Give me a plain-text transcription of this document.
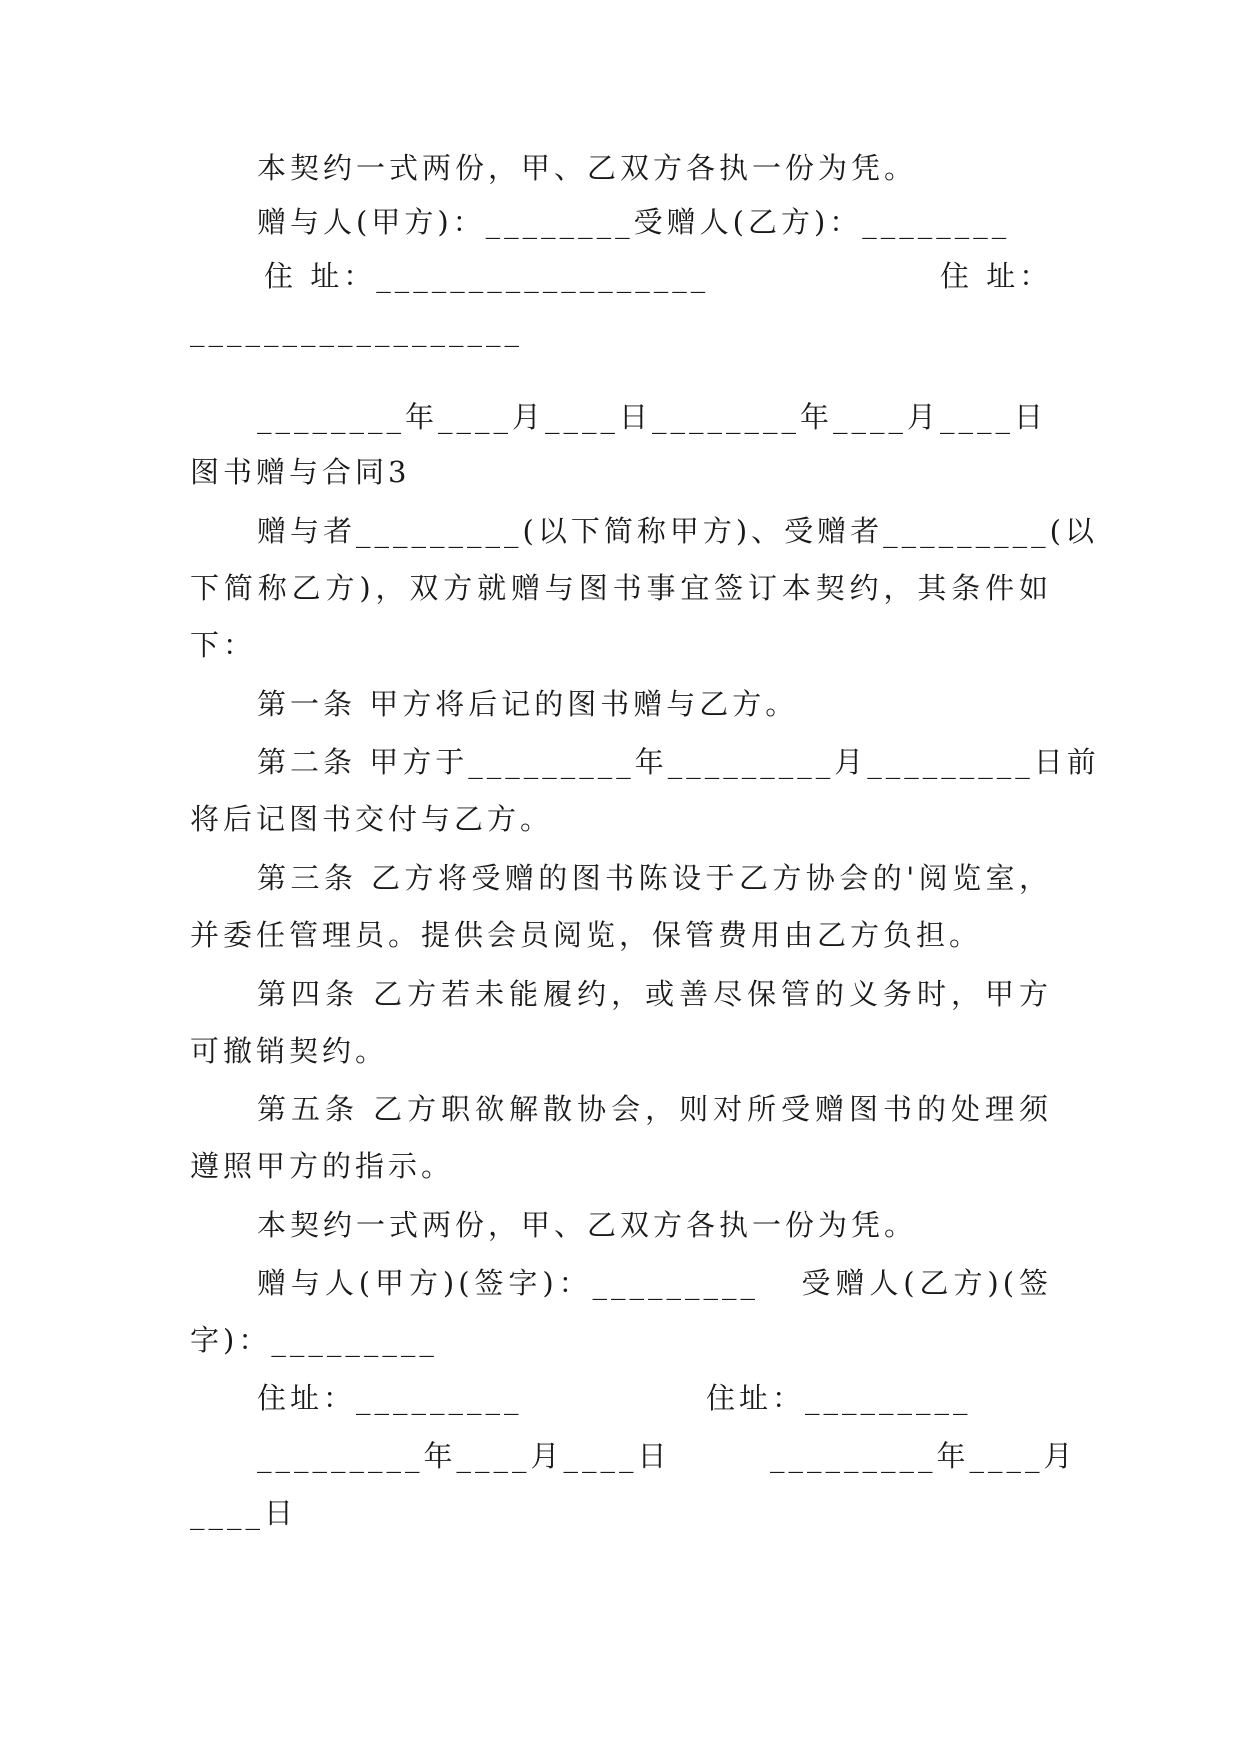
本契约一式两份，甲、乙双方各执一份为凭。
赠与人(甲方)：________受赠人(乙方)：________
住 址：__________________	住 址：
__________________
________年____月____日________年____月____日
图书赠与合同3
赠与者_________(以下简称甲方)、受赠者_________(以
下简称乙方)，双方就赠与图书事宜签订本契约，其条件如
下：
第一条 甲方将后记的图书赠与乙方。
第二条 甲方于_________年_________月_________日前
将后记图书交付与乙方。
第三条 乙方将受赠的图书陈设于乙方协会的'阅览室，
并委任管理员。提供会员阅览，保管费用由乙方负担。
第四条 乙方若未能履约，或善尽保管的义务时，甲方
可撤销契约。
第五条 乙方职欲解散协会，则对所受赠图书的处理须
遵照甲方的指示。
本契约一式两份，甲、乙双方各执一份为凭。
赠与人(甲方)(签字)：_________   受赠人(乙方)(签
字)：_________
住址：_________	住址：_________
_________年____月____日	_________年____月
____日
